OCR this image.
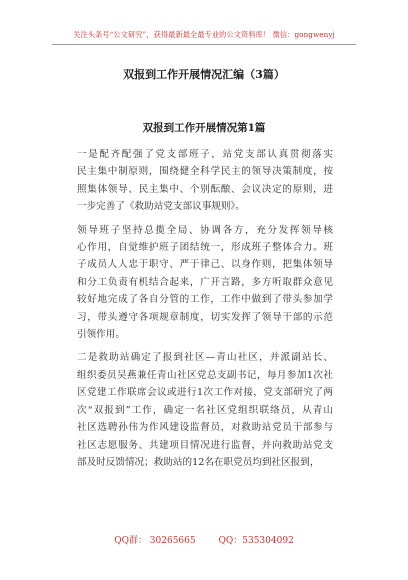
关注头条号“公文研究”，获得最新最全最专业的公文资料库！ 微信：gongwenyj
双报到工作开展情况汇编（3篇）
双报到工作开展情况第1篇

一是配齐配强了党支部班子，站党支部认真贯彻落实
民主集中制原则，围绕健全科学民主的领导决策制度，按
照集体领导、民主集中、个别酝酿、会议决定的原则，进
一步完善了《救助站党支部议事规则》。

领导班子坚持总揽全局、协调各方，充分发挥领导核
心作用，自觉维护班子团结统一，形成班子整体合力。班
子成员人人忠于职守、严于律己、以身作则，把集体领导
和分工负责有机结合起来，广开言路，多方听取群众意见
较好地完成了各自分管的工作，工作中做到了带头参加学
习，带头遵守各项规章制度，切实发挥了领导干部的示范
引领作用。

二是救助站确定了报到社区—青山社区，并派副站长、
组织委员吴燕兼任青山社区党总支副书记，每月参加1次社
区党建工作联席会议或进行1次工作对接，党支部研究了两
次“双报到”工作，确定一名社区党组织联络员，从青山
社区选聘孙伟为作风建设监督员，对救助站党员干部参与
社区志愿服务、共建项目情况进行监督，并向救助站党支
部及时反馈情况；救助站的12名在职党员均到社区报到，

QQ群： 30265665	QQ：535304092
